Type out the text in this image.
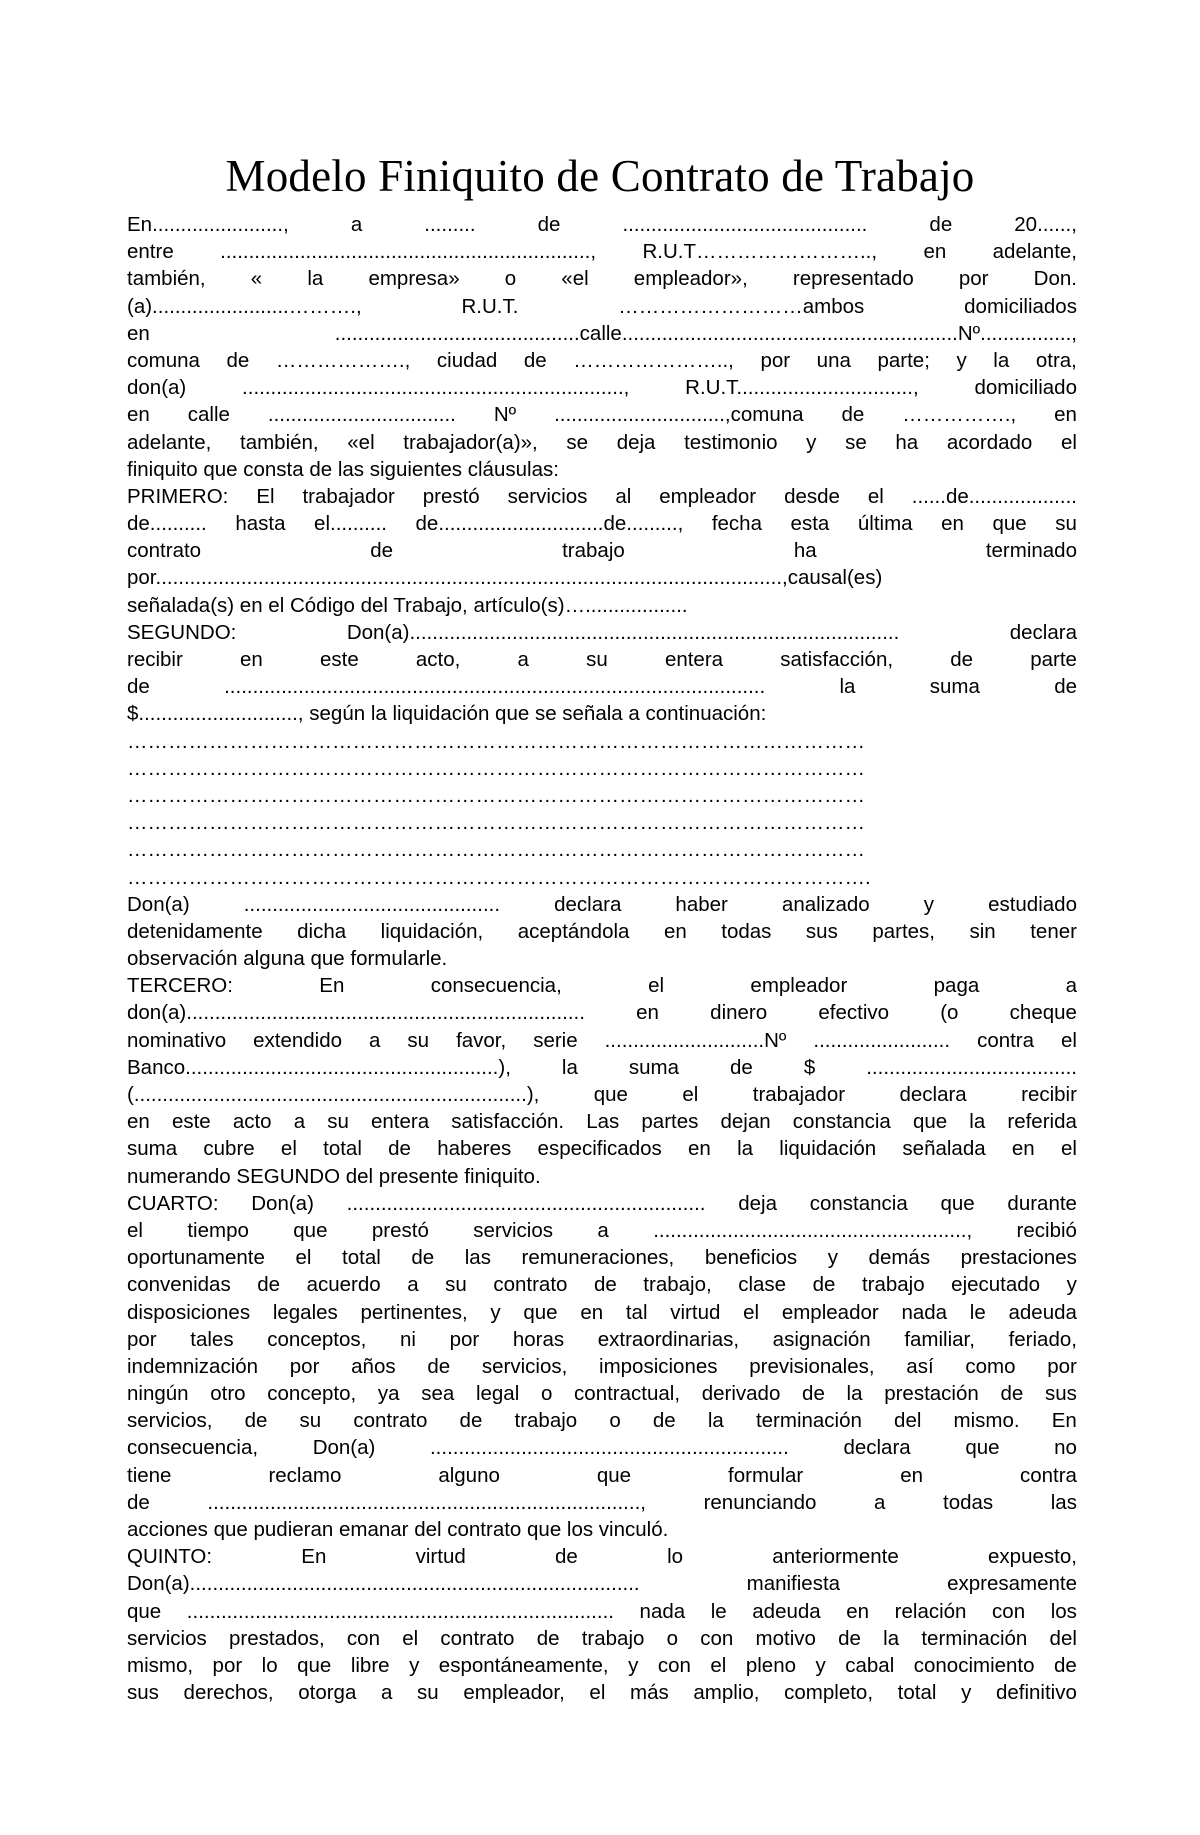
Modelo Finiquito de Contrato de Trabajo
En.......................,	a	.........	de	...........................................	de	20......,
entre ................................................................., R.U.T…………………….., en adelante,
también, « la empresa» o «el empleador», representado por Don.
(a)........................……….,	R.U.T.	………………………ambos	domiciliados
en	...........................................calle...........................................................Nº................,
comuna de ………………., ciudad de ………………….., por una parte; y la otra,
don(a)	...................................................................,	R.U.T...............................,	domiciliado
en calle ................................. Nº ..............................,comuna de ……………., en
adelante, también, «el trabajador(a)», se deja testimonio y se ha acordado el
finiquito que consta de las siguientes cláusulas:
PRIMERO: El trabajador prestó servicios al empleador desde el ......de...................
de.......... hasta el.......... de.............................de........., fecha esta última en que su
contrato	de	trabajo	ha	terminado
por..............................................................................................................,causal(es)
señalada(s) en el Código del Trabajo, artículo(s)…..................
SEGUNDO:	Don(a)......................................................................................	declara
recibir	en	este	acto,	a	su	entera	satisfacción,	de	parte
de	...............................................................................................	la	suma	de
$............................, según la liquidación que se señala a continuación:
………………………………………………………………………………………………
………………………………………………………………………………………………
………………………………………………………………………………………………
………………………………………………………………………………………………
………………………………………………………………………………………………
……………………………………………………………………………………………….
Don(a)	.............................................	declara	haber	analizado	y	estudiado
detenidamente dicha liquidación, aceptándola en todas sus partes, sin tener
observación alguna que formularle.
TERCERO:	En	consecuencia,	el	empleador	paga	a
don(a)...................................................................... en dinero efectivo (o cheque
nominativo extendido a su favor, serie ............................Nº ........................ contra el
Banco.......................................................), la suma de $ .....................................
(.....................................................................),	que	el	trabajador	declara	recibir
en este acto a su entera satisfacción. Las partes dejan constancia que la referida
suma cubre el total de haberes especificados en la liquidación señalada en el
numerando SEGUNDO del presente finiquito.
CUARTO: Don(a) ............................................................... deja constancia que durante
el tiempo que prestó servicios a ......................................................., recibió
oportunamente el total de las remuneraciones, beneficios y demás prestaciones
convenidas de acuerdo a su contrato de trabajo, clase de trabajo ejecutado y
disposiciones legales pertinentes, y que en tal virtud el empleador nada le adeuda
por tales conceptos, ni por horas extraordinarias, asignación familiar, feriado,
indemnización por años de servicios, imposiciones previsionales, así como por
ningún otro concepto, ya sea legal o contractual, derivado de la prestación de sus
servicios, de su contrato de trabajo o de la terminación del mismo. En
consecuencia,	Don(a)	...............................................................	declara	que	no
tiene	reclamo	alguno	que	formular	en	contra
de	............................................................................,	renunciando	a	todas	las
acciones que pudieran emanar del contrato que los vinculó.
QUINTO:	En	virtud	de	lo	anteriormente	expuesto,
Don(a)...............................................................................	manifiesta	expresamente
que ........................................................................... nada le adeuda en relación con los
servicios prestados, con el contrato de trabajo o con motivo de la terminación del
mismo, por lo que libre y espontáneamente, y con el pleno y cabal conocimiento de
sus derechos, otorga a su empleador, el más amplio, completo, total y definitivo
